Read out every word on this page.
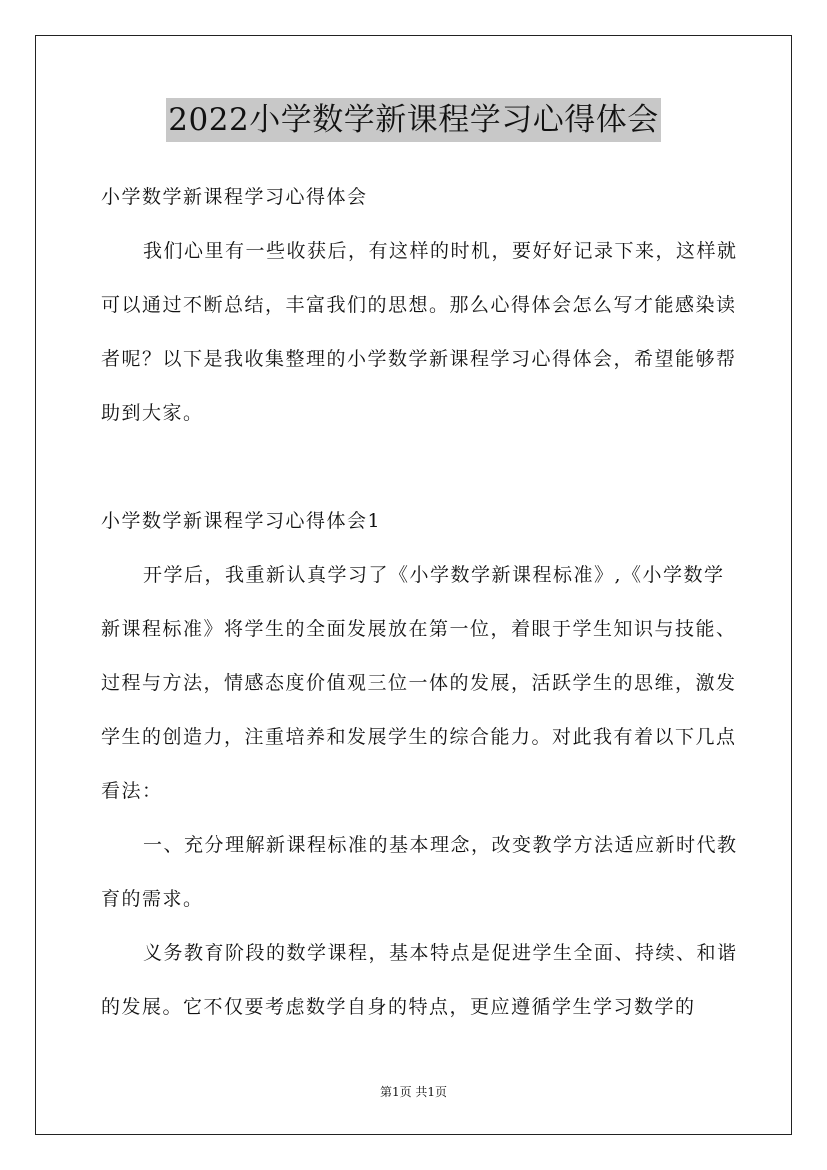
2022小学数学新课程学习心得体会

小学数学新课程学习心得体会

我们心里有一些收获后，有这样的时机，要好好记录下来，这样就可以通过不断总结，丰富我们的思想。那么心得体会怎么写才能感染读者呢？以下是我收集整理的小学数学新课程学习心得体会，希望能够帮助到大家。

小学数学新课程学习心得体会1

开学后，我重新认真学习了《小学数学新课程标准》,《小学数学新课程标准》将学生的全面发展放在第一位，着眼于学生知识与技能、过程与方法，情感态度价值观三位一体的发展，活跃学生的思维，激发学生的创造力，注重培养和发展学生的综合能力。对此我有着以下几点看法：

一、充分理解新课程标准的基本理念，改变教学方法适应新时代教育的需求。

义务教育阶段的数学课程，基本特点是促进学生全面、持续、和谐的发展。它不仅要考虑数学自身的特点，更应遵循学生学习数学的

第1页 共1页
